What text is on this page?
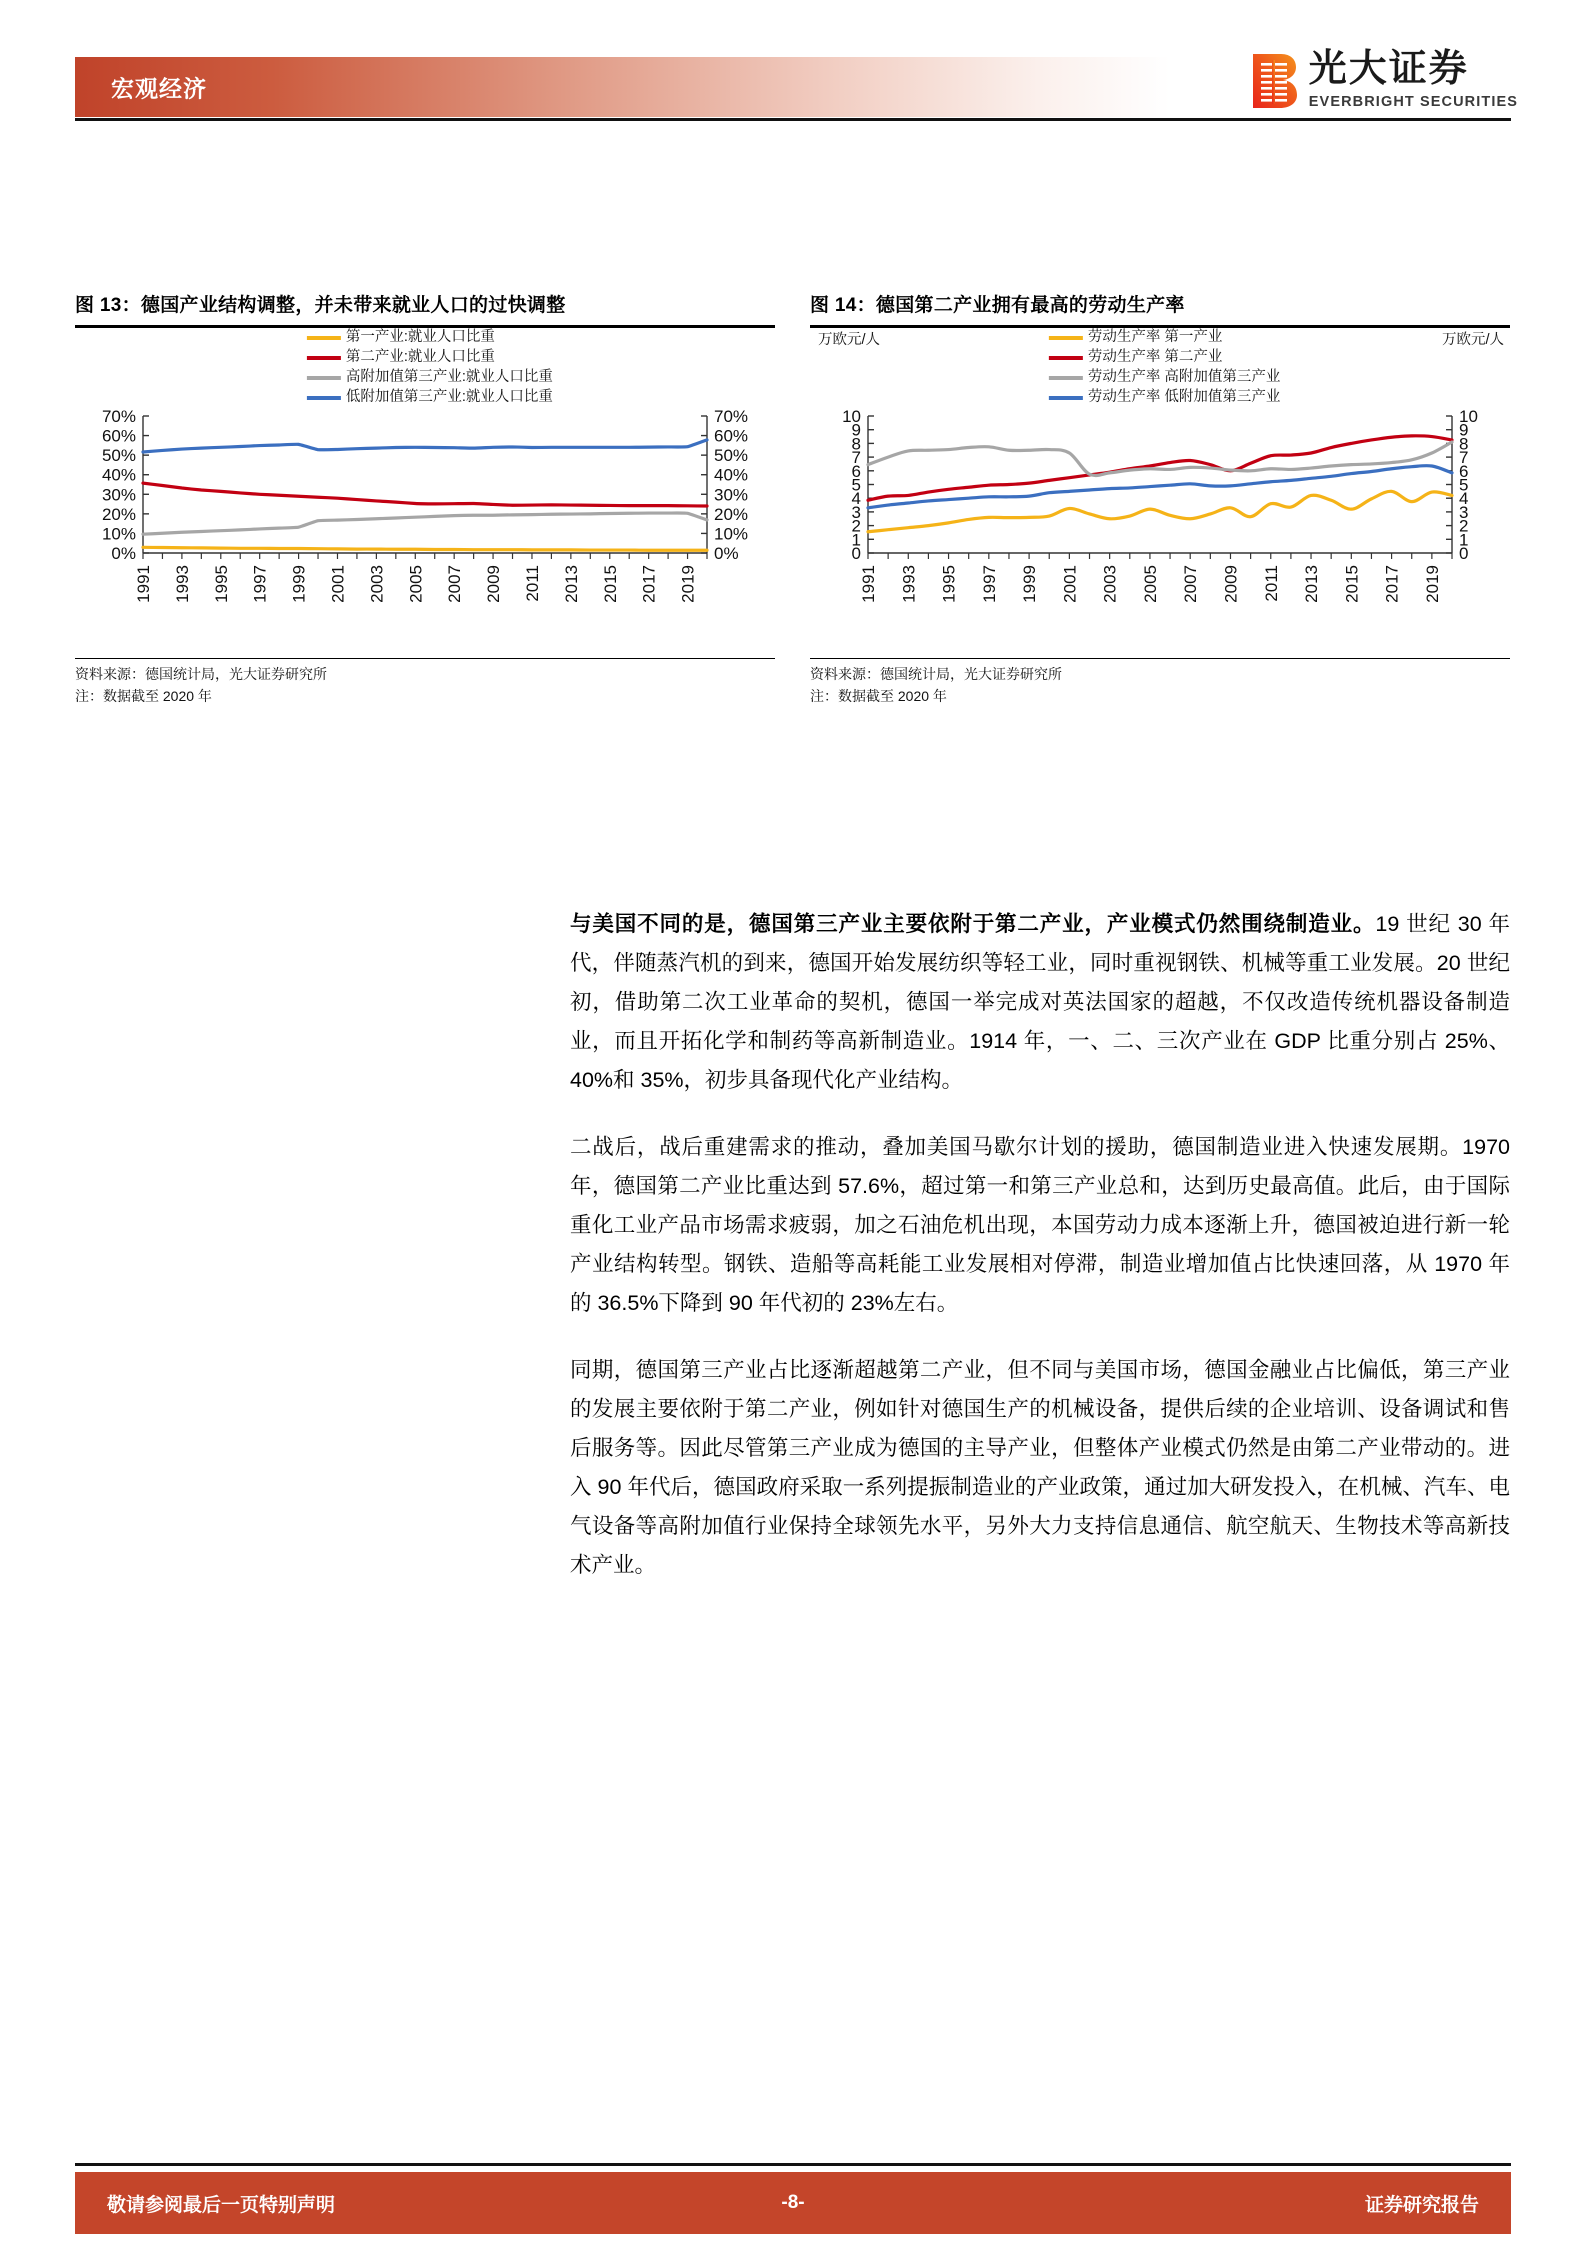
宏观经济	光大证券
EVERBRIGHT SECURITIES
图 13：德国产业结构调整，并未带来就业人口的过快调整
第一产业:就业人口比重
第二产业:就业人口比重
高附加值第三产业:就业人口比重
低附加值第三产业:就业人口比重
0%	0%
10%	10%
20%	20%
30%	30%
40%	40%
50%	50%
60%	60%
70%	70%
1991 1993 1995 1997 1999 2001 2003 2005 2007 2009 2011 2013 2015 2017 2019
资料来源：德国统计局，光大证券研究所
注：数据截至 2020 年
图 14：德国第二产业拥有最高的劳动生产率
万欧元/人	万欧元/人
劳动生产率 第一产业
劳动生产率 第二产业
劳动生产率 高附加值第三产业
劳动生产率 低附加值第三产业
0	0
1	1
2	2
3	3
4	4
5	5
6	6
7	7
8	8
9	9
10	10
1991 1993 1995 1997 1999 2001 2003 2005 2007 2009 2011 2013 2015 2017 2019
资料来源：德国统计局，光大证券研究所
注：数据截至 2020 年

与美国不同的是，德国第三产业主要依附于第二产业，产业模式仍然围绕制造业。19 世纪 30 年代，伴随蒸汽机的到来，德国开始发展纺织等轻工业，同时重视钢铁、机械等重工业发展。20 世纪初，借助第二次工业革命的契机，德国一举完成对英法国家的超越，不仅改造传统机器设备制造业，而且开拓化学和制药等高新制造业。1914 年，一、二、三次产业在 GDP 比重分别占 25%、40%和 35%，初步具备现代化产业结构。

二战后，战后重建需求的推动，叠加美国马歇尔计划的援助，德国制造业进入快速发展期。1970 年，德国第二产业比重达到 57.6%，超过第一和第三产业总和，达到历史最高值。此后，由于国际重化工业产品市场需求疲弱，加之石油危机出现，本国劳动力成本逐渐上升，德国被迫进行新一轮产业结构转型。钢铁、造船等高耗能工业发展相对停滞，制造业增加值占比快速回落，从 1970 年的 36.5%下降到 90 年代初的 23%左右。

同期，德国第三产业占比逐渐超越第二产业，但不同与美国市场，德国金融业占比偏低，第三产业的发展主要依附于第二产业，例如针对德国生产的机械设备，提供后续的企业培训、设备调试和售后服务等。因此尽管第三产业成为德国的主导产业，但整体产业模式仍然是由第二产业带动的。进入 90 年代后，德国政府采取一系列提振制造业的产业政策，通过加大研发投入，在机械、汽车、电气设备等高附加值行业保持全球领先水平，另外大力支持信息通信、航空航天、生物技术等高新技术产业。

敬请参阅最后一页特别声明	-8-	证券研究报告
